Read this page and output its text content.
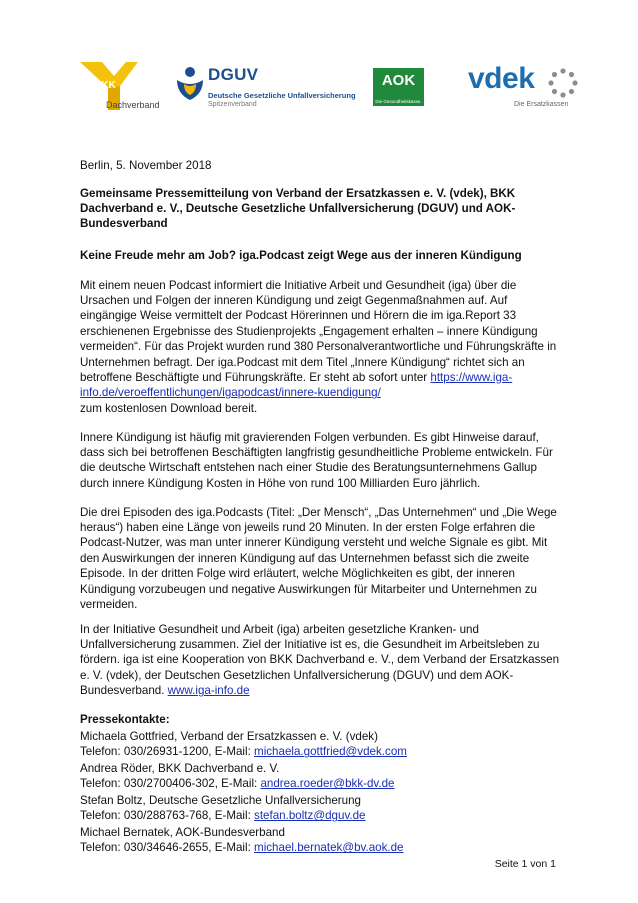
BKK
Dachverband
DGUV
Deutsche Gesetzliche Unfallversicherung
Spitzenverband
AOK
Die Gesundheitskasse.
vdek
Die Ersatzkassen

Berlin, 5. November 2018

Gemeinsame Pressemitteilung von Verband der Ersatzkassen e. V. (vdek), BKK Dachverband e. V., Deutsche Gesetzliche Unfallversicherung (DGUV) und AOK-Bundesverband

Keine Freude mehr am Job? iga.Podcast zeigt Wege aus der inneren Kündigung

Mit einem neuen Podcast informiert die Initiative Arbeit und Gesundheit (iga) über die Ursachen und Folgen der inneren Kündigung und zeigt Gegenmaßnahmen auf. Auf eingängige Weise vermittelt der Podcast Hörerinnen und Hörern die im iga.Report 33 erschienenen Ergebnisse des Studienprojekts „Engagement erhalten – innere Kündigung vermeiden“. Für das Projekt wurden rund 380 Personalverantwortliche und Führungskräfte in Unternehmen befragt. Der iga.Podcast mit dem Titel „Innere Kündigung“ richtet sich an betroffene Beschäftigte und Führungskräfte. Er steht ab sofort unter https://www.iga-info.de/veroeffentlichungen/igapodcast/innere-kuendigung/
zum kostenlosen Download bereit.

Innere Kündigung ist häufig mit gravierenden Folgen verbunden. Es gibt Hinweise darauf, dass sich bei betroffenen Beschäftigten langfristig gesundheitliche Probleme entwickeln. Für die deutsche Wirtschaft entstehen nach einer Studie des Beratungsunternehmens Gallup durch innere Kündigung Kosten in Höhe von rund 100 Milliarden Euro jährlich.

Die drei Episoden des iga.Podcasts (Titel: „Der Mensch“, „Das Unternehmen“ und „Die Wege heraus“) haben eine Länge von jeweils rund 20 Minuten. In der ersten Folge erfahren die Podcast-Nutzer, was man unter innerer Kündigung versteht und welche Signale es gibt. Mit den Auswirkungen der inneren Kündigung auf das Unternehmen befasst sich die zweite Episode. In der dritten Folge wird erläutert, welche Möglichkeiten es gibt, der inneren Kündigung vorzubeugen und negative Auswirkungen für Mitarbeiter und Unternehmen zu vermeiden.

In der Initiative Gesundheit und Arbeit (iga) arbeiten gesetzliche Kranken- und Unfallversicherung zusammen. Ziel der Initiative ist es, die Gesundheit im Arbeitsleben zu fördern. iga ist eine Kooperation von BKK Dachverband e. V., dem Verband der Ersatzkassen e. V. (vdek), der Deutschen Gesetzlichen Unfallversicherung (DGUV) und dem AOK-Bundesverband. www.iga-info.de

Pressekontakte:

Michaela Gottfried, Verband der Ersatzkassen e. V. (vdek)
Telefon: 030/26931-1200, E-Mail: michaela.gottfried@vdek.com
Andrea Röder, BKK Dachverband e. V.
Telefon: 030/2700406-302, E-Mail: andrea.roeder@bkk-dv.de
Stefan Boltz, Deutsche Gesetzliche Unfallversicherung
Telefon: 030/288763-768, E-Mail: stefan.boltz@dguv.de
Michael Bernatek, AOK-Bundesverband
Telefon: 030/34646-2655, E-Mail: michael.bernatek@bv.aok.de
Seite 1 von 1
